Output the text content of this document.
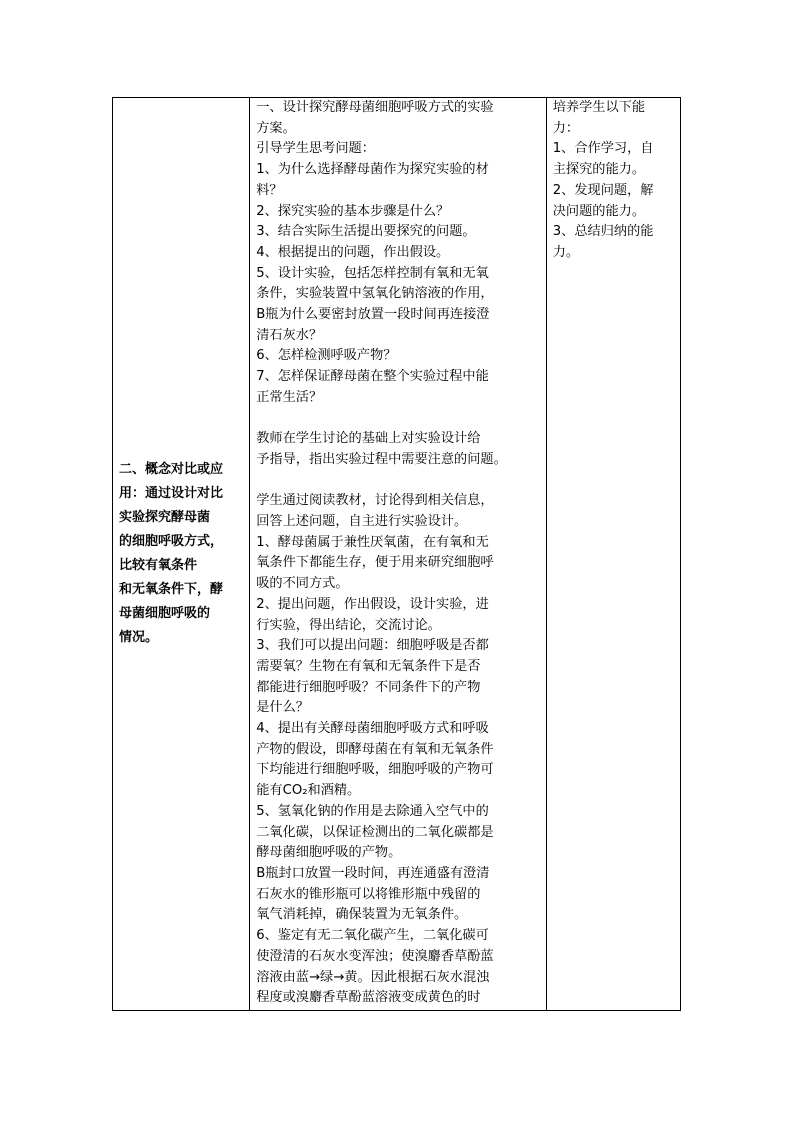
二、概念对比或应
用：通过设计对比
实验探究酵母菌
的细胞呼吸方式，
比较有氧条件
和无氧条件下，酵
母菌细胞呼吸的
情况。

一、设计探究酵母菌细胞呼吸方式的实验
方案。
引导学生思考问题：
1、为什么选择酵母菌作为探究实验的材
料？
2、探究实验的基本步骤是什么？
3、结合实际生活提出要探究的问题。
4、根据提出的问题，作出假设。
5、设计实验，包括怎样控制有氧和无氧
条件，实验装置中氢氧化钠溶液的作用，
B瓶为什么要密封放置一段时间再连接澄
清石灰水？
6、怎样检测呼吸产物？
7、怎样保证酵母菌在整个实验过程中能
正常生活？
教师在学生讨论的基础上对实验设计给
予指导，指出实验过程中需要注意的问题。
学生通过阅读教材，讨论得到相关信息，
回答上述问题，自主进行实验设计。
1、酵母菌属于兼性厌氧菌，在有氧和无
氧条件下都能生存，便于用来研究细胞呼
吸的不同方式。
2、提出问题，作出假设，设计实验，进
行实验，得出结论，交流讨论。
3、我们可以提出问题：细胞呼吸是否都
需要氧？生物在有氧和无氧条件下是否
都能进行细胞呼吸？不同条件下的产物
是什么？
4、提出有关酵母菌细胞呼吸方式和呼吸
产物的假设，即酵母菌在有氧和无氧条件
下均能进行细胞呼吸，细胞呼吸的产物可
能有CO₂和酒精。
5、氢氧化钠的作用是去除通入空气中的
二氧化碳，以保证检测出的二氧化碳都是
酵母菌细胞呼吸的产物。
B瓶封口放置一段时间，再连通盛有澄清
石灰水的锥形瓶可以将锥形瓶中残留的
氧气消耗掉，确保装置为无氧条件。
6、鉴定有无二氧化碳产生，二氧化碳可
使澄清的石灰水变浑浊；使溴麝香草酚蓝
溶液由蓝→绿→黄。因此根据石灰水混浊
程度或溴麝香草酚蓝溶液变成黄色的时

培养学生以下能
力：
1、合作学习，自
主探究的能力。
2、发现问题，解
决问题的能力。
3、总结归纳的能
力。
